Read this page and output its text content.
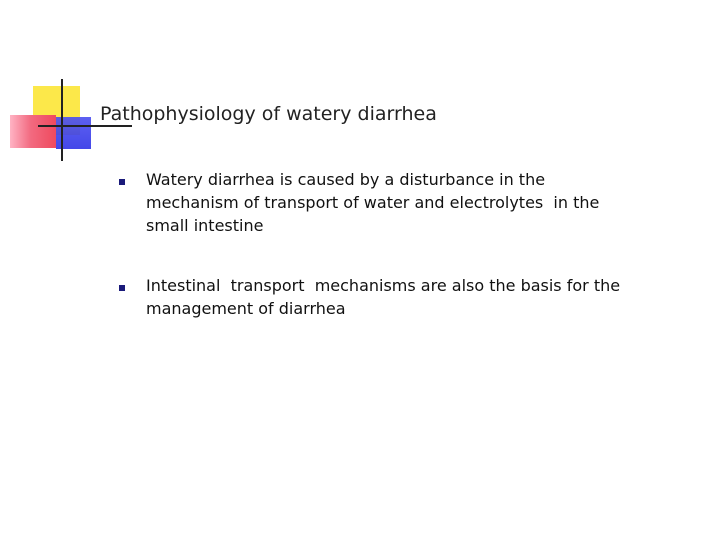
Pathophysiology of watery diarrhea
Watery diarrhea is caused by a disturbance in the
mechanism of transport of water and electrolytes  in the
small intestine
Intestinal  transport  mechanisms are also the basis for the
management of diarrhea
